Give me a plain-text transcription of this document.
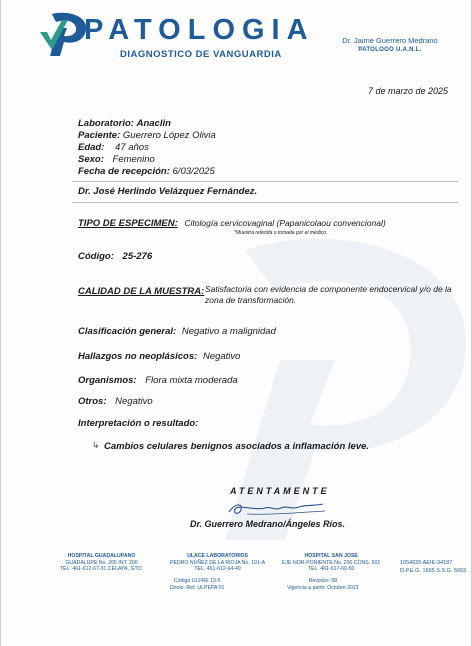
PATOLOGIA
DIAGNOSTICO DE VANGUARDIA
Dr. Jaime Guerrero Medrano
PATOLOGO U.A.N.L.
7 de marzo de 2025
Laboratorio: Anaclin
Paciente: Guerrero López Olivia
Edad: 47 años
Sexo: Femenino
Fecha de recepción: 6/03/2025
Dr. José Herlindo Velázquez Fernández.
TIPO DE ESPECIMEN: Citología cervicovaginal (Papanicolaou convencional)
*Muestra referida o tomada por el médico
Código: 25-276
CALIDAD DE LA MUESTRA: Satisfactoria con evidencia de componente endocervical y/o de la zona de transformación.
Clasificación general: Negativo a malignidad
Hallazgos no neoplásicos: Negativo
Organismos: Flora mixta moderada
Otros: Negativo
Interpretación o resultado:
↳ Cambios celulares benignos asociados a inflamación leve.
ATENTAMENTE
Dr. Guerrero Medrano/Ángeles Ríos.
HOSPITAL GUADALUPANO
GUADALUPE No. 205 INT. 200
TEL. 461-612-67-31 CELAYA, GTO.
ULACE LABORATORIOS
PEDRO NUÑEZ DE LA RIOJA No. 101-A
TEL. 461-612-64-49
HOSPITAL SAN JOSE
EJE NOR-PONIENTE No. 200 CONS. 501
TEL. 461-617-60-50
1054635 AEIE-34187
D.P.E.G. 1695 S.S.G. 5063
Código ULFRE 13-5
Docto. Ref. ULPEPA 01
Revisión: 08
Vigencia a partir: Octubre 2021
